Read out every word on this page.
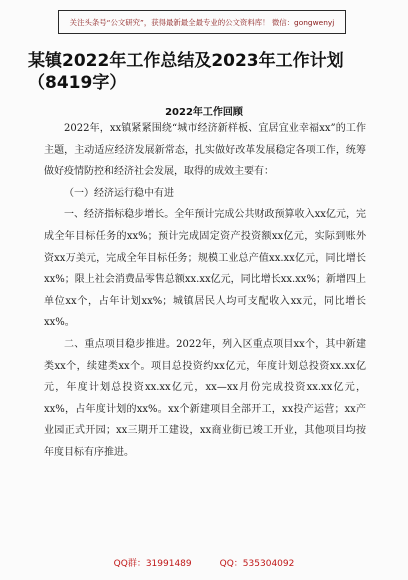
关注头条号“公文研究”，获得最新最全最专业的公文资料库！ 微信：gongwenyj
某镇2022年工作总结及2023年工作计划（8419字）
2022年工作回顾

2022年，xx镇紧紧围绕“城市经济新样板、宜居宜业幸福xx”的工作主题，主动适应经济发展新常态，扎实做好改革发展稳定各项工作，统筹做好疫情防控和经济社会发展，取得的成效主要有：

（一）经济运行稳中有进

一、经济指标稳步增长。全年预计完成公共财政预算收入xx亿元，完成全年目标任务的xx%；预计完成固定资产投资额xx亿元，实际到账外资xx万美元，完成全年目标任务；规模工业总产值xx.xx亿元，同比增长xx%；限上社会消费品零售总额xx.xx亿元，同比增长xx.xx%；新增四上单位xx个，占年计划xx%；城镇居民人均可支配收入xx元，同比增长xx%。

二、重点项目稳步推进。2022年，列入区重点项目xx个，其中新建类xx个，续建类xx个。项目总投资约xx亿元，年度计划总投资xx.xx亿元，年度计划总投资xx.xx亿元，xx—xx月份完成投资xx.xx亿元，xx%，占年度计划的xx%。xx个新建项目全部开工，xx投产运营；xx产业园正式开园；xx三期开工建设，xx商业街已竣工开业，其他项目均按年度目标有序推进。

QQ群：31991489	QQ：535304092
